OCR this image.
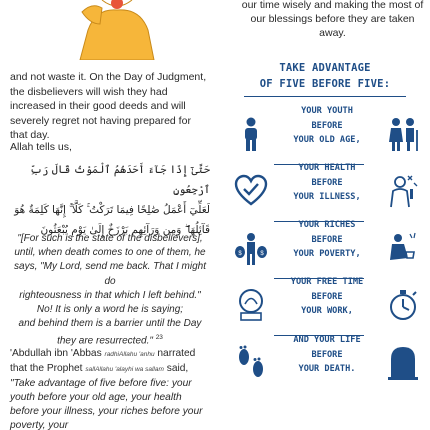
and not waste it. On the Day of Judgment, the disbelievers will wish they had increased in their good deeds and will severely regret not having prepared for that day.

Allah tells us,

حَتَّىٰٓ إِذَا جَآءَ أَحَدَهُمُ ٱلْمَوْتُ قَالَ رَبِّ ٱرْجِعُونِ
لَعَلِّيٓ أَعْمَلُ صَٰلِحًا فِيمَا تَرَكْتُ ۚ كَلَّآ ۚ إِنَّهَا كَلِمَةٌ هُوَ
قَآئِلُهَا ۖ وَمِن وَرَآئِهِم بَرْزَخٌ إِلَىٰ يَوْمِ يُبْعَثُونَ
"[For such is the state of the disbelievers],
until, when death comes to one of them, he
says, "My Lord, send me back. That I might do
righteousness in that which I left behind."
No! It is only a word he is saying;
and behind them is a barrier until the Day
they are resurrected." $^{23}$

'Abdullah ibn 'Abbas radhiAllahu 'anhu narrated that the Prophet sallAllahu 'alayhi wa sallam said, "Take advantage of five before five: your youth before your old age, your health before your illness, your riches before your poverty, your

our time wisely and making the most of our blessings before they are taken away.

TAKE ADVANTAGE
OF FIVE BEFORE FIVE:
YOUR YOUTH
BEFORE
YOUR OLD AGE,
YOUR HEALTH
BEFORE
YOUR ILLNESS,
$	$
YOUR RICHES
BEFORE
YOUR POVERTY,
YOUR FREE TIME
BEFORE
YOUR WORK,
AND YOUR LIFE
BEFORE
YOUR DEATH.
